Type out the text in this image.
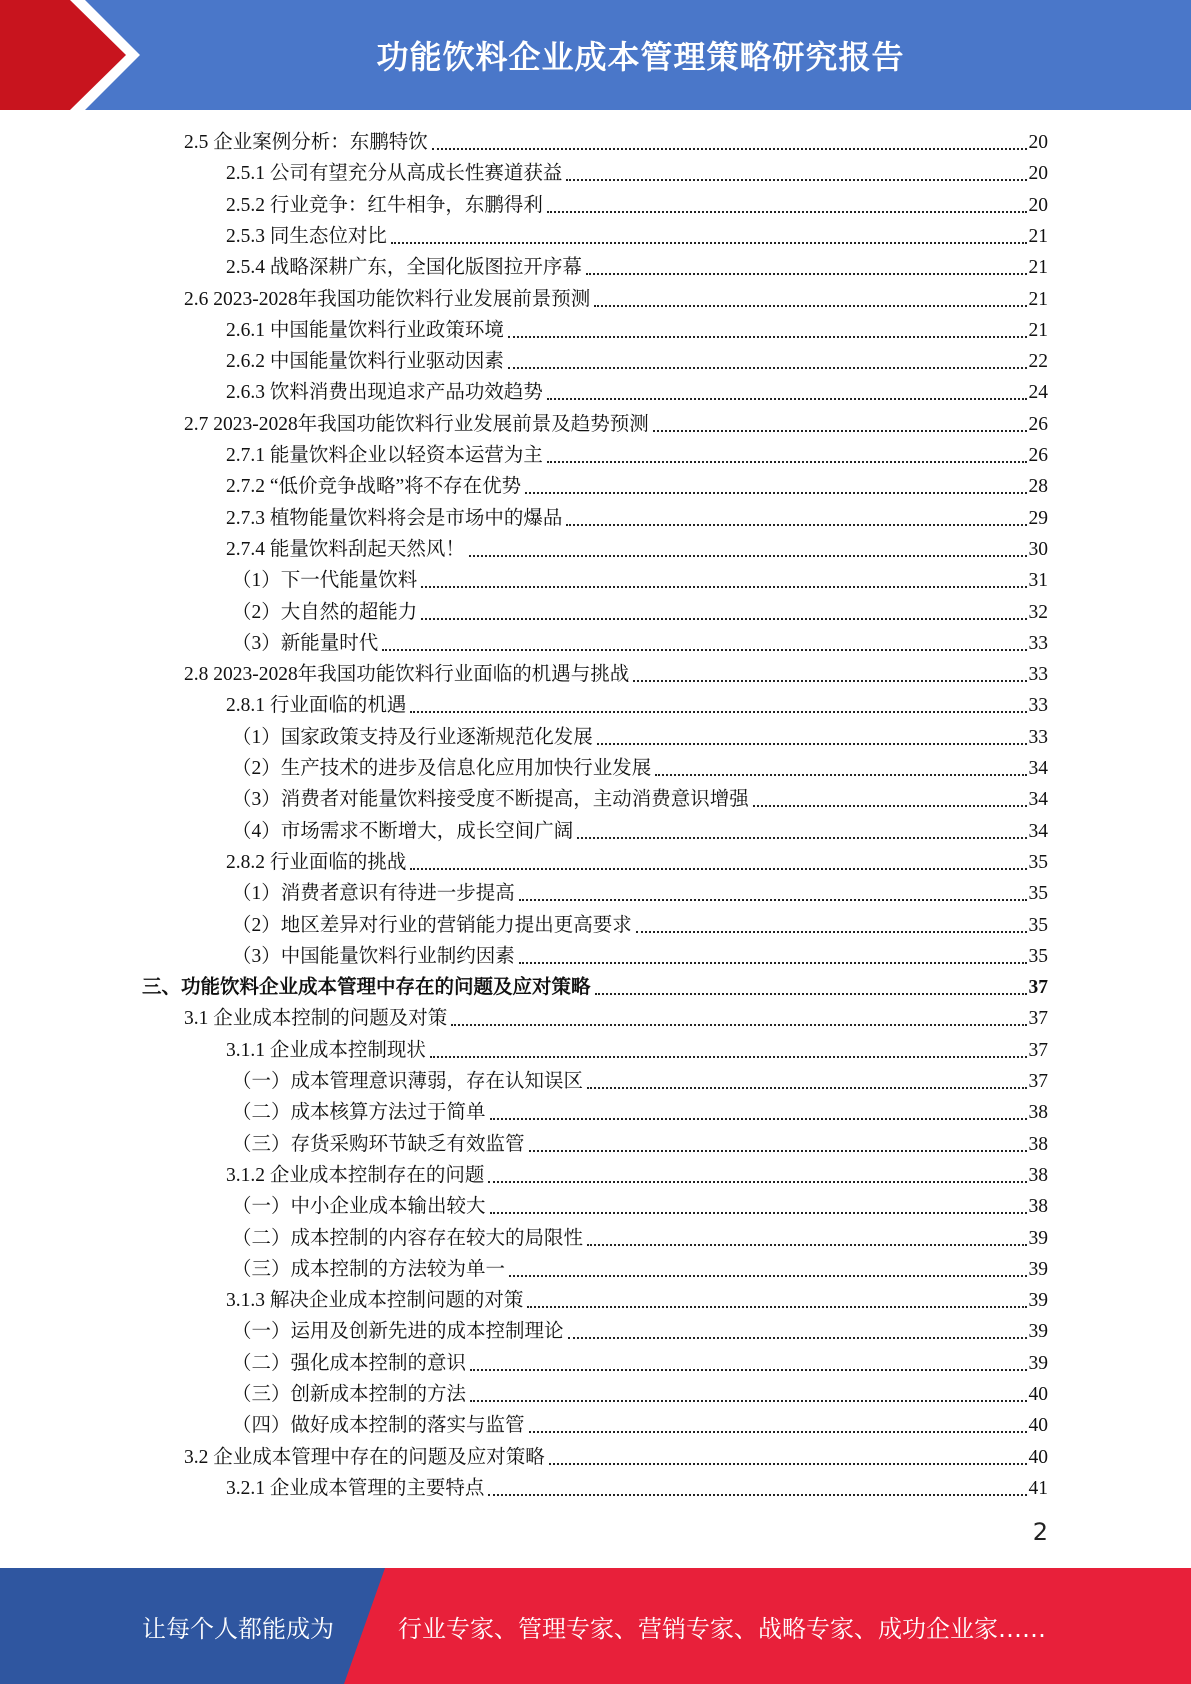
功能饮料企业成本管理策略研究报告
2.5 企业案例分析：东鹏特饮	20
2.5.1 公司有望充分从高成长性赛道获益	20
2.5.2 行业竞争：红牛相争，东鹏得利	20
2.5.3 同生态位对比	21
2.5.4 战略深耕广东，全国化版图拉开序幕	21
2.6 2023-2028年我国功能饮料行业发展前景预测	21
2.6.1 中国能量饮料行业政策环境	21
2.6.2 中国能量饮料行业驱动因素	22
2.6.3 饮料消费出现追求产品功效趋势	24
2.7 2023-2028年我国功能饮料行业发展前景及趋势预测	26
2.7.1 能量饮料企业以轻资本运营为主	26
2.7.2 “低价竞争战略”将不存在优势	28
2.7.3 植物能量饮料将会是市场中的爆品	29
2.7.4 能量饮料刮起天然风！	30
（1）下一代能量饮料	31
（2）大自然的超能力	32
（3）新能量时代	33
2.8 2023-2028年我国功能饮料行业面临的机遇与挑战	33
2.8.1 行业面临的机遇	33
（1）国家政策支持及行业逐渐规范化发展	33
（2）生产技术的进步及信息化应用加快行业发展	34
（3）消费者对能量饮料接受度不断提高，主动消费意识增强	34
（4）市场需求不断增大，成长空间广阔	34
2.8.2 行业面临的挑战	35
（1）消费者意识有待进一步提高	35
（2）地区差异对行业的营销能力提出更高要求	35
（3）中国能量饮料行业制约因素	35
三、功能饮料企业成本管理中存在的问题及应对策略	37
3.1 企业成本控制的问题及对策	37
3.1.1 企业成本控制现状	37
（一）成本管理意识薄弱，存在认知误区	37
（二）成本核算方法过于简单	38
（三）存货采购环节缺乏有效监管	38
3.1.2 企业成本控制存在的问题	38
（一）中小企业成本输出较大	38
（二）成本控制的内容存在较大的局限性	39
（三）成本控制的方法较为单一	39
3.1.3 解决企业成本控制问题的对策	39
（一）运用及创新先进的成本控制理论	39
（二）强化成本控制的意识	39
（三）创新成本控制的方法	40
（四）做好成本控制的落实与监管	40
3.2 企业成本管理中存在的问题及应对策略	40
3.2.1 企业成本管理的主要特点	41
2
让每个人都能成为	行业专家、管理专家、营销专家、战略专家、成功企业家……
